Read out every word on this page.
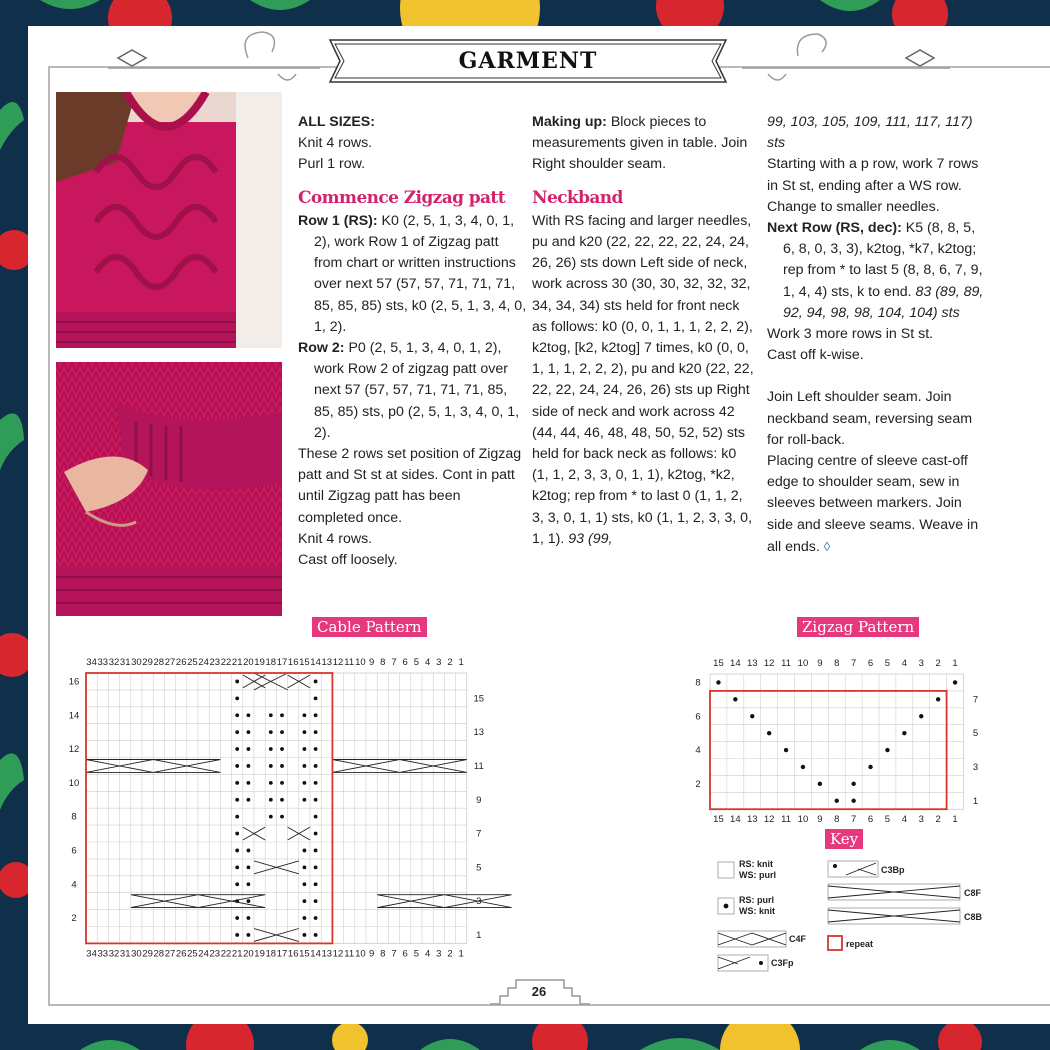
GARMENT

ALL SIZES:

Knit 4 rows.

Purl 1 row.

Commence Zigzag patt

Row 1 (RS): K0 (2, 5, 1, 3, 4, 0, 1, 2), work Row 1 of Zigzag patt from chart or written instructions over next 57 (57, 57, 71, 71, 71, 85, 85, 85) sts, k0 (2, 5, 1, 3, 4, 0, 1, 2).

Row 2: P0 (2, 5, 1, 3, 4, 0, 1, 2), work Row 2 of zigzag patt over next 57 (57, 57, 71, 71, 71, 85, 85, 85) sts, p0 (2, 5, 1, 3, 4, 0, 1, 2).

These 2 rows set position of Zigzag patt and St st at sides. Cont in patt until Zigzag patt has been completed once.

Knit 4 rows.

Cast off loosely.

Making up: Block pieces to measurements given in table. Join Right shoulder seam.

Neckband

With RS facing and larger needles, pu and k20 (22, 22, 22, 22, 24, 24, 26, 26) sts down Left side of neck, work across 30 (30, 30, 32, 32, 32, 34, 34, 34) sts held for front neck as follows: k0 (0, 0, 1, 1, 1, 2, 2, 2), k2tog, [k2, k2tog] 7 times, k0 (0, 0, 1, 1, 1, 2, 2, 2), pu and k20 (22, 22, 22, 22, 24, 24, 26, 26) sts up Right side of neck and work across 42 (44, 44, 46, 48, 48, 50, 52, 52) sts held for back neck as follows: k0 (1, 1, 2, 3, 3, 0, 1, 1), k2tog, *k2, k2tog; rep from * to last 0 (1, 1, 2, 3, 3, 0, 1, 1) sts, k0 (1, 1, 2, 3, 3, 0, 1, 1). 93 (99,

99, 103, 105, 109, 111, 117, 117) sts

Starting with a p row, work 7 rows in St st, ending after a WS row.

Change to smaller needles.

Next Row (RS, dec): K5 (8, 8, 5, 6, 8, 0, 3, 3), k2tog, *k7, k2tog; rep from * to last 5 (8, 8, 6, 7, 9, 1, 4, 4) sts, k to end. 83 (89, 89, 92, 94, 98, 98, 104, 104) sts

Work 3 more rows in St st.

Cast off k-wise.

Join Left shoulder seam. Join neckband seam, reversing seam for roll-back.

Placing centre of sleeve cast-off edge to shoulder seam, sew in sleeves between markers. Join side and sleeve seams. Weave in all ends. ◊

Cable Pattern	Zigzag Pattern
Key
34
34
33
33
32
32
31
31
30
30
29
29
28
28
27
27
26
26
25
25
24
24
23
23
22
22
21
21
20
20
19
19
18
18
17
17
16
16
15
15
14
14
13
13
12
12
11
11
10
10
9
9
8
8
7
7
6
6
5
5
4
4
3
3
2
2
1
1
2
4
6
8
10
12
14
16
1
3
5
7
9
11
13
15
15
15
14
14
13
13
12
12
11
11
10
10
9
9
8
8
7
7
6
6
5
5
4
4
3
3
2
2
1
1
2
4
6
8
1
3
5
7
RS: knit
WS: purl
RS: purl
WS: knit
C4F
C3Fp
C3Bp
C8F
C8B
repeat
26
